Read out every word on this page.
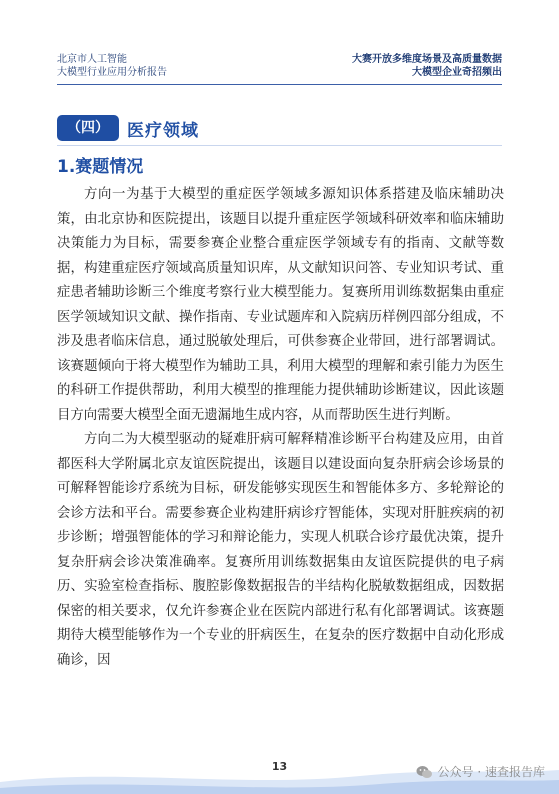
北京市人工智能
大模型行业应用分析报告
大赛开放多维度场景及高质量数据
大模型企业奇招频出
（四）	医疗领域
1.赛题情况

方向一为基于大模型的重症医学领域多源知识体系搭建及临床辅助决策，由北京协和医院提出，该题目以提升重症医学领域科研效率和临床辅助决策能力为目标，需要参赛企业整合重症医学领域专有的指南、文献等数据，构建重症医疗领域高质量知识库，从文献知识问答、专业知识考试、重症患者辅助诊断三个维度考察行业大模型能力。复赛所用训练数据集由重症医学领域知识文献、操作指南、专业试题库和入院病历样例四部分组成，不涉及患者临床信息，通过脱敏处理后，可供参赛企业带回，进行部署调试。该赛题倾向于将大模型作为辅助工具，利用大模型的理解和索引能力为医生的科研工作提供帮助，利用大模型的推理能力提供辅助诊断建议，因此该题目方向需要大模型全面无遗漏地生成内容，从而帮助医生进行判断。

方向二为大模型驱动的疑难肝病可解释精准诊断平台构建及应用，由首都医科大学附属北京友谊医院提出，该题目以建设面向复杂肝病会诊场景的可解释智能诊疗系统为目标，研发能够实现医生和智能体多方、多轮辩论的会诊方法和平台。需要参赛企业构建肝病诊疗智能体，实现对肝脏疾病的初步诊断；增强智能体的学习和辩论能力，实现人机联合诊疗最优决策，提升复杂肝病会诊决策准确率。复赛所用训练数据集由友谊医院提供的电子病历、实验室检查指标、腹腔影像数据报告的半结构化脱敏数据组成，因数据保密的相关要求，仅允许参赛企业在医院内部进行私有化部署调试。该赛题期待大模型能够作为一个专业的肝病医生，在复杂的医疗数据中自动化形成确诊，因

13	公众号 · 速查报告库
